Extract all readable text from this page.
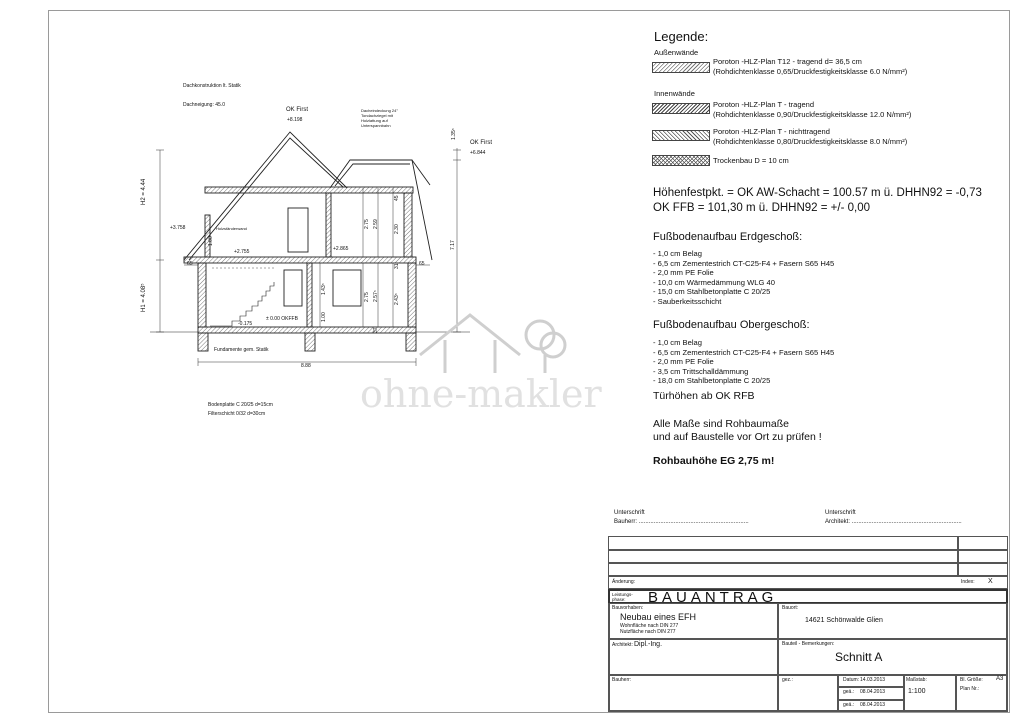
Dachkonstruktion lt. Statik
Dachneigung: 45.0
OK First
+8.198
Dacheindeckung 24°
Tondachziegel mit
Holzlattung auf
Unterspannbahn
OK First
+6.844
1.35⁵
H2 = 4.44
H1 = 4.08⁵
+3.758	Holzständerwand
+2.755	+2.865
1.00
65	65
2.75 2.59
2.30
45
31
7.17
1.43⁵
1.00
2.75 2.57⁵	2.43⁵
37
-0.175
± 0.00 OKFFB
Fundamente gem. Statik
8.88
Bodenplatte C 20/25 d=15cm
Filterschicht 0/32 d=30cm ohne-makler
Legende:
Außenwände
Poroton -HLZ-Plan T12 - tragend d= 36,5 cm
(Rohdichtenklasse 0,65/Druckfestigkeitsklasse 6.0 N/mm²)
Innenwände
Poroton -HLZ-Plan T - tragend
(Rohdichtenklasse 0,90/Druckfestigkeitsklasse 12.0 N/mm²)
Poroton -HLZ-Plan T - nichttragend
(Rohdichtenklasse 0,80/Druckfestigkeitsklasse 8.0 N/mm²)
Trockenbau D = 10 cm
Höhenfestpkt. = OK AW-Schacht = 100.57 m ü. DHHN92 = -0,73
OK FFB = 101,30 m ü. DHHN92 = +/- 0,00
Fußbodenaufbau Erdgeschoß:
- 1,0 cm Belag
- 6,5 cm Zementestrich CT-C25-F4 + Fasern S65 H45
- 2,0 mm PE Folie
- 10,0 cm Wärmedämmung WLG 40
- 15,0 cm Stahlbetonplatte C 20/25
- Sauberkeitsschicht
Fußbodenaufbau Obergeschoß:
- 1,0 cm Belag
- 6,5 cm Zementestrich CT-C25-F4 + Fasern S65 H45
- 2,0 mm PE Folie
- 3,5 cm Trittschalldämmung
- 18,0 cm Stahlbetonplatte C 20/25
Türhöhen ab OK RFB
Alle Maße sind Rohbaumaße
und auf Baustelle vor Ort zu prüfen !
Rohbauhöhe EG 2,75 m!
Unterschrift
Bauherr: ..................................................................
Unterschrift
Architekt: ..................................................................
Änderung:	Index: X
Leistungs-
phase:	BAUANTRAG
Bauvorhaben:
Neubau eines EFH
Wohnfläche nach DIN 277
Nutzfläche nach DIN 277
Bauort:
14621 Schönwalde Glien
Architekt: Dipl.-Ing.	Bauteil - Bemerkungen:
Schnitt A
Bauherr:	gez.:	Datum: 14.03.2013
geä.: 08.04.2013
geä.: 08.04.2013
Maßstab:
1:100
Bl. Größe: A3
Plan Nr.:
